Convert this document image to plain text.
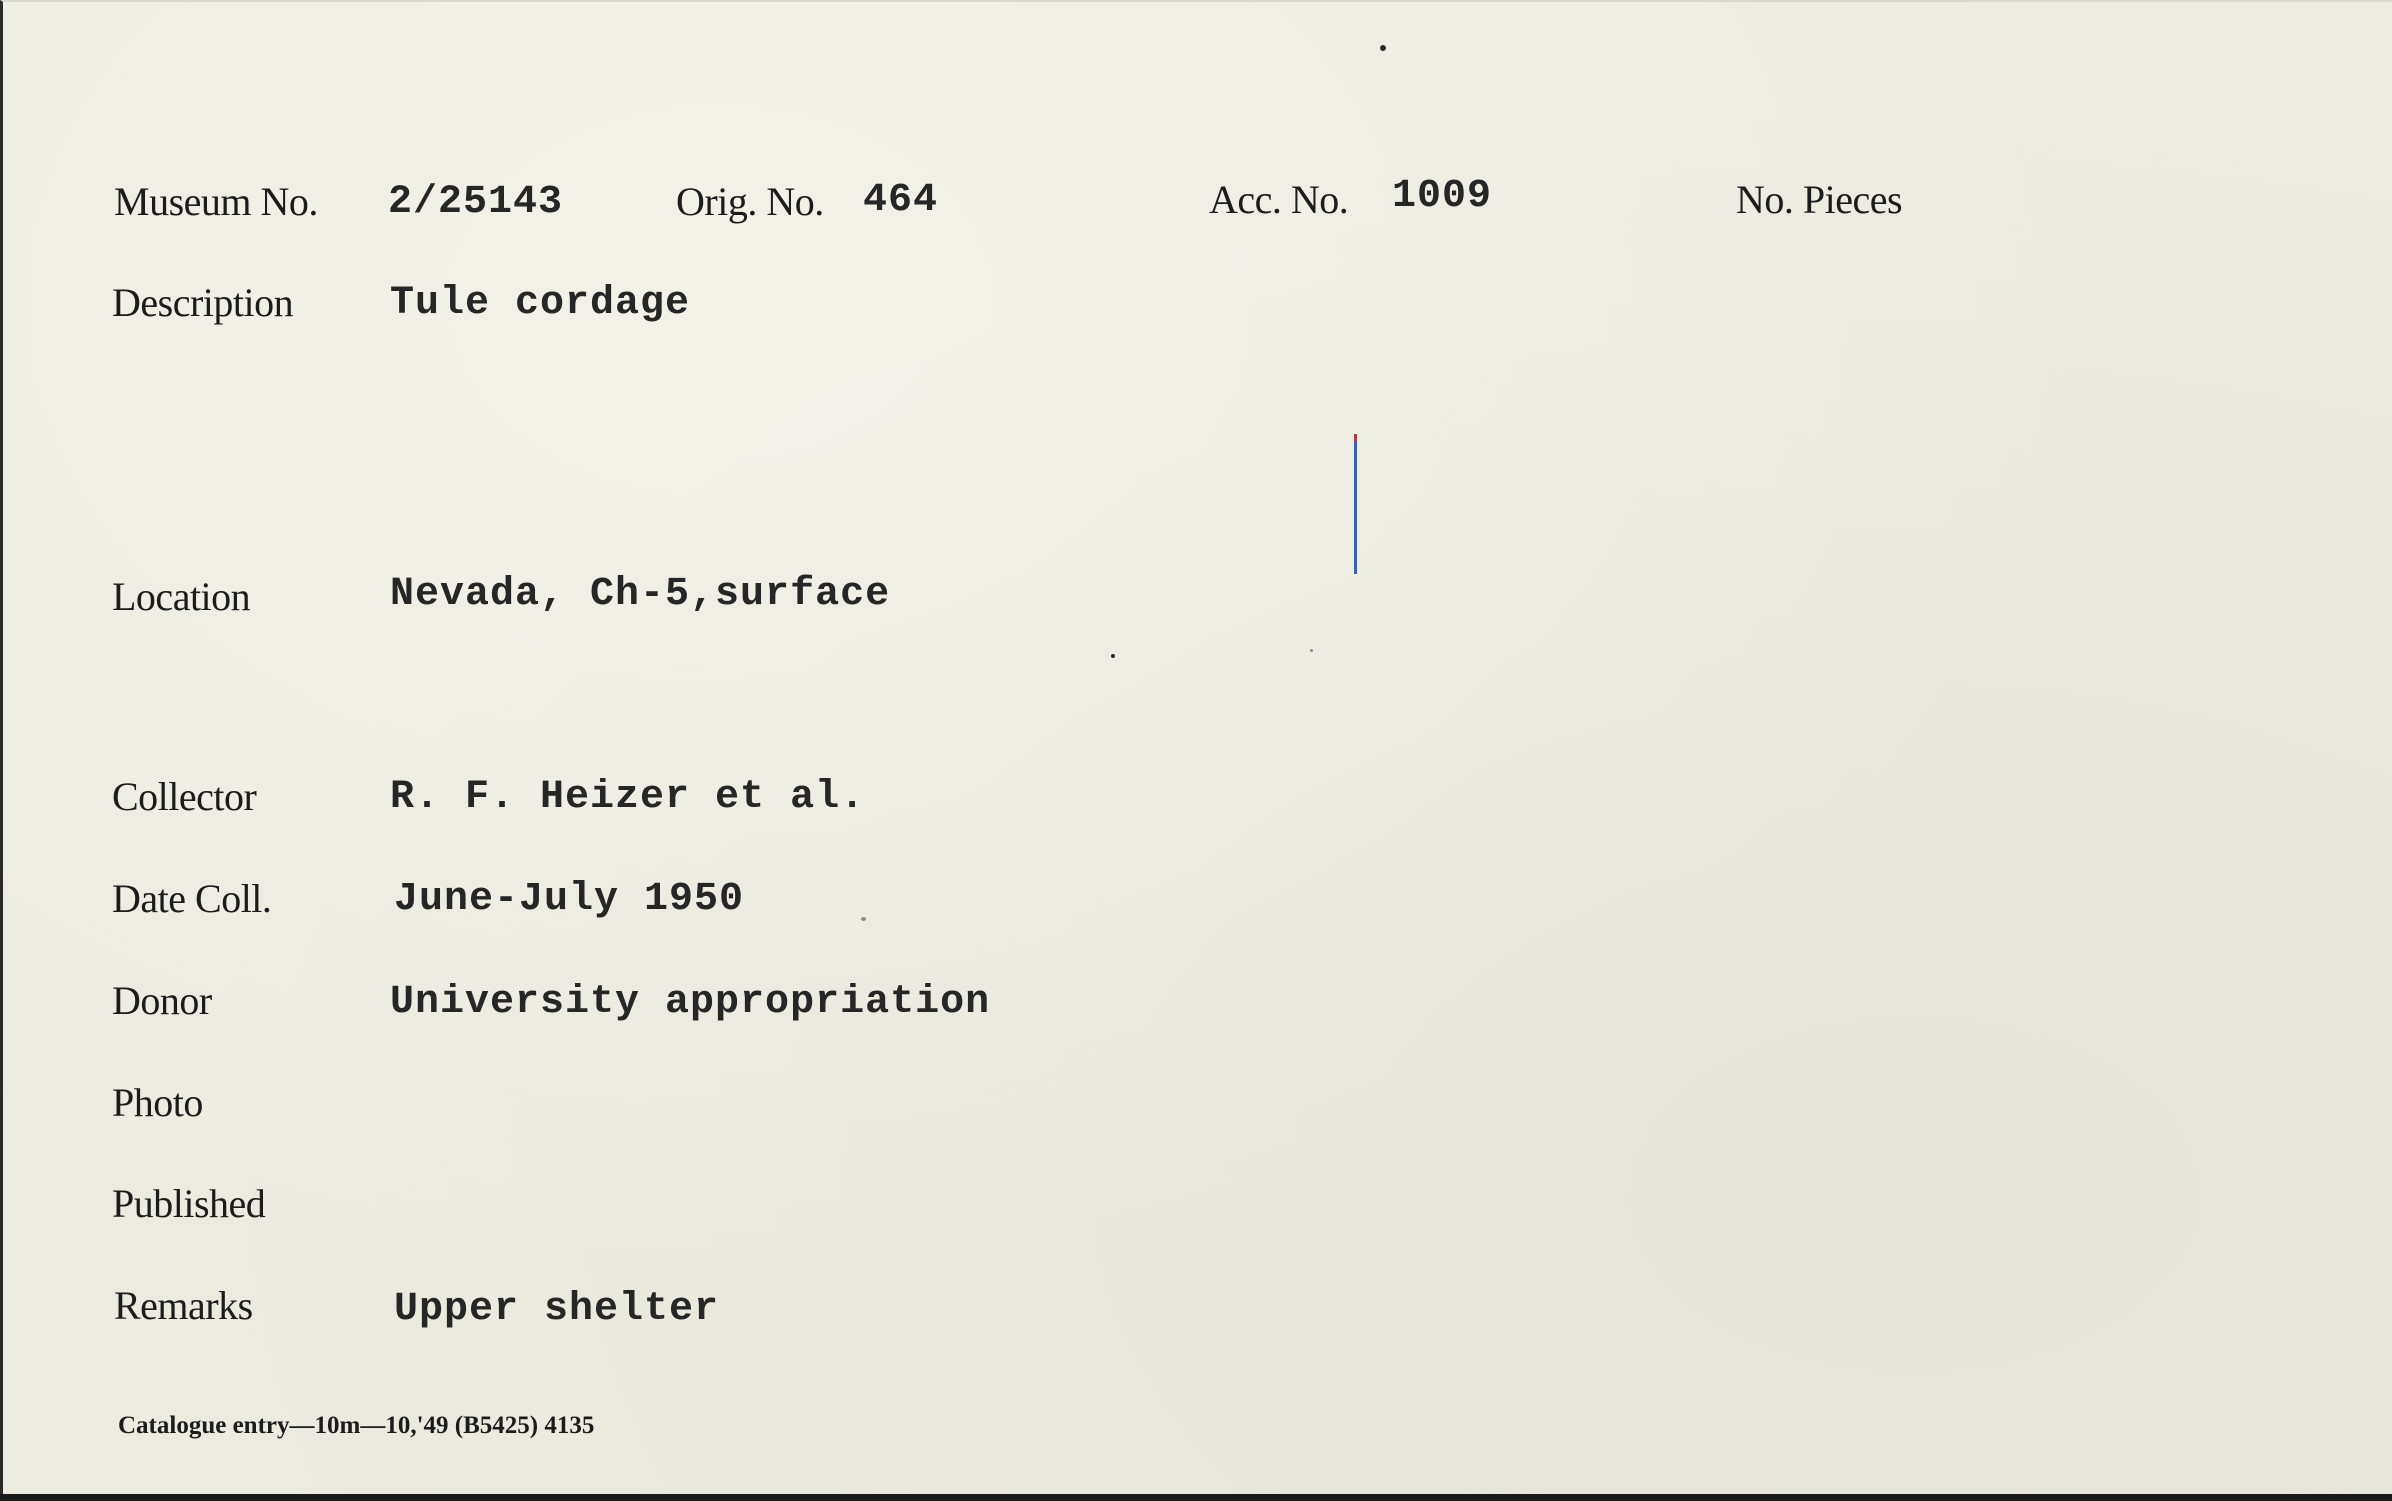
Museum No. 2/25143	Orig. No. 464	Acc. No. 1009	No. Pieces
Description Tule cordage
Location	Nevada, Ch-5,surface
Collector	R. F. Heizer et al.
Date Coll.	June-July 1950
Donor	University appropriation
Photo
Published
Remarks	Upper shelter
Catalogue entry—10m—10,'49 (B5425) 4135
